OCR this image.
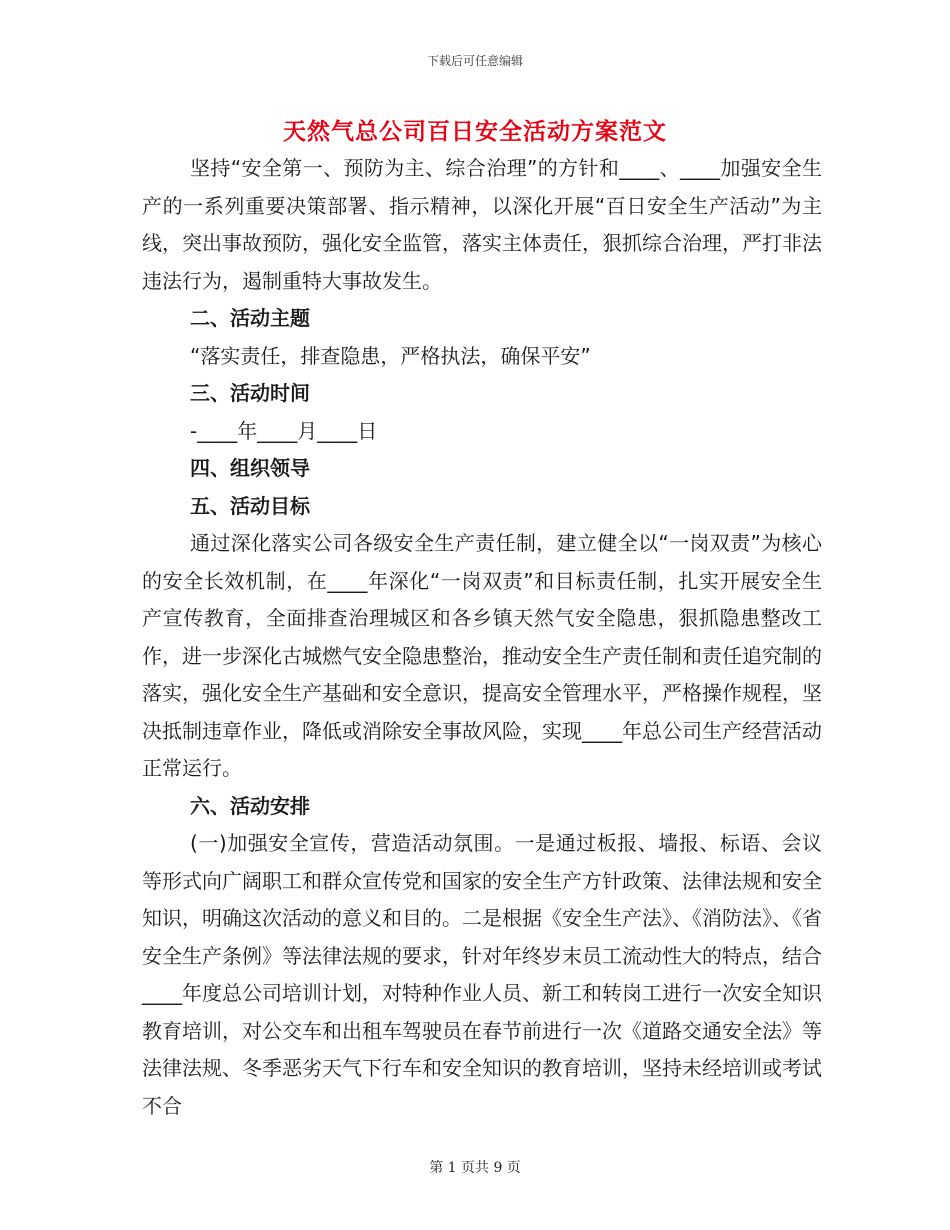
下载后可任意编辑
天然气总公司百日安全活动方案范文

坚持“安全第一、预防为主、综合治理”的方针和____、____加强安全生产的一系列重要决策部署、指示精神，以深化开展“百日安全生产活动”为主线，突出事故预防，强化安全监管，落实主体责任，狠抓综合治理，严打非法违法行为，遏制重特大事故发生。

二、活动主题

“落实责任，排查隐患，严格执法，确保平安”

三、活动时间

-____年____月____日

四、组织领导

五、活动目标

通过深化落实公司各级安全生产责任制，建立健全以“一岗双责”为核心的安全长效机制，在____年深化“一岗双责”和目标责任制，扎实开展安全生产宣传教育，全面排查治理城区和各乡镇天然气安全隐患，狠抓隐患整改工作，进一步深化古城燃气安全隐患整治，推动安全生产责任制和责任追究制的落实，强化安全生产基础和安全意识，提高安全管理水平，严格操作规程，坚决抵制违章作业，降低或消除安全事故风险，实现____年总公司生产经营活动正常运行。

六、活动安排

(一)加强安全宣传，营造活动氛围。一是通过板报、墙报、标语、会议等形式向广阔职工和群众宣传党和国家的安全生产方针政策、法律法规和安全知识，明确这次活动的意义和目的。二是根据《安全生产法》、《消防法》、《省安全生产条例》等法律法规的要求，针对年终岁末员工流动性大的特点，结合____年度总公司培训计划，对特种作业人员、新工和转岗工进行一次安全知识教育培训，对公交车和出租车驾驶员在春节前进行一次《道路交通安全法》等法律法规、冬季恶劣天气下行车和安全知识的教育培训，坚持未经培训或考试不合

第 1 页共 9 页
